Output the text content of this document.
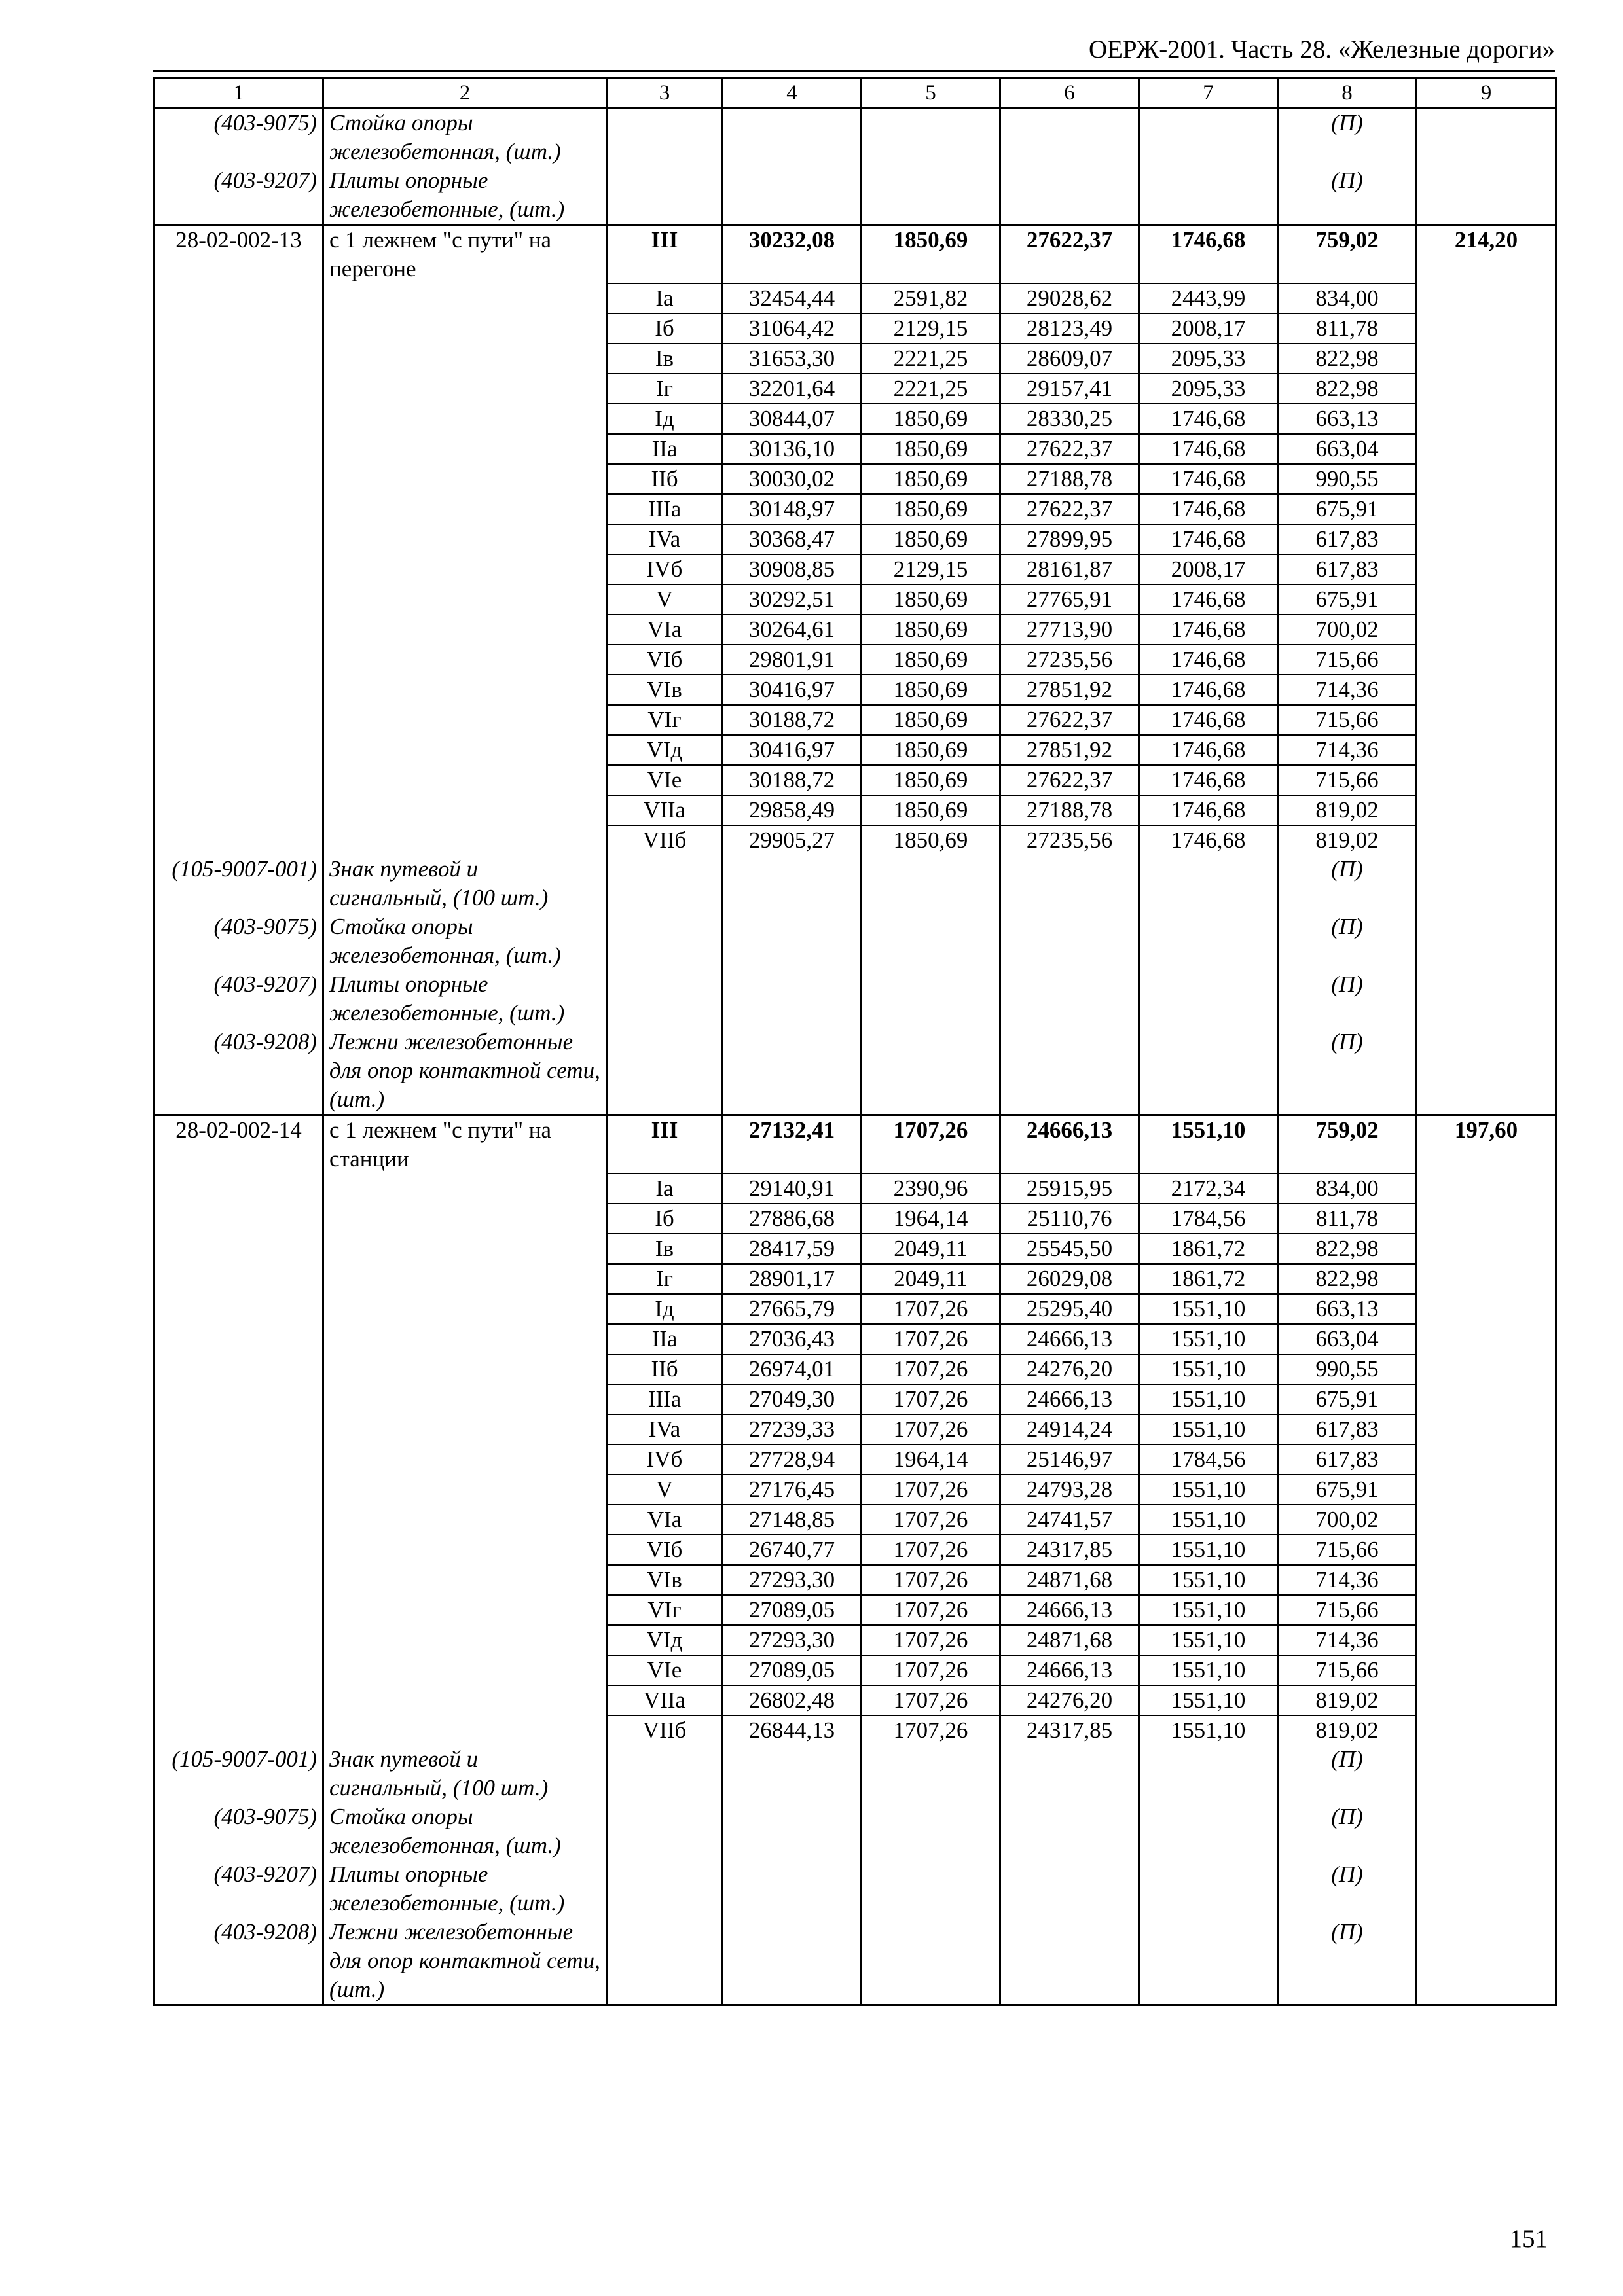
ОЕРЖ-2001. Часть 28. «Железные дороги»
1	2	3	4	5	6	7	8	9
(403-9075)	Стойка опоры железобетонная, (шт.)						(П)	
(403-9207)	Плиты опорные железобетонные, (шт.)						(П)	
28-02-002-13	с 1 лежнем "с пути" на перегоне	III	30232,08	1850,69	27622,37	1746,68	759,02	214,20
		Ia	32454,44	2591,82	29028,62	2443,99	834,00	
		Iб	31064,42	2129,15	28123,49	2008,17	811,78	
		Iв	31653,30	2221,25	28609,07	2095,33	822,98	
		Iг	32201,64	2221,25	29157,41	2095,33	822,98	
		Iд	30844,07	1850,69	28330,25	1746,68	663,13	
		IIa	30136,10	1850,69	27622,37	1746,68	663,04	
		IIб	30030,02	1850,69	27188,78	1746,68	990,55	
		IIIa	30148,97	1850,69	27622,37	1746,68	675,91	
		IVa	30368,47	1850,69	27899,95	1746,68	617,83	
		IVб	30908,85	2129,15	28161,87	2008,17	617,83	
		V	30292,51	1850,69	27765,91	1746,68	675,91	
		VIa	30264,61	1850,69	27713,90	1746,68	700,02	
		VIб	29801,91	1850,69	27235,56	1746,68	715,66	
		VIв	30416,97	1850,69	27851,92	1746,68	714,36	
		VIг	30188,72	1850,69	27622,37	1746,68	715,66	
		VIд	30416,97	1850,69	27851,92	1746,68	714,36	
		VIe	30188,72	1850,69	27622,37	1746,68	715,66	
		VIIa	29858,49	1850,69	27188,78	1746,68	819,02	
		VIIб	29905,27	1850,69	27235,56	1746,68	819,02	
(105-9007-001)	Знак путевой и сигнальный, (100 шт.)						(П)	
(403-9075)	Стойка опоры железобетонная, (шт.)						(П)	
(403-9207)	Плиты опорные железобетонные, (шт.)						(П)	
(403-9208)	Лежни железобетонные для опор контактной сети, (шт.)						(П)	
28-02-002-14	с 1 лежнем "с пути" на станции	III	27132,41	1707,26	24666,13	1551,10	759,02	197,60
		Ia	29140,91	2390,96	25915,95	2172,34	834,00	
		Iб	27886,68	1964,14	25110,76	1784,56	811,78	
		Iв	28417,59	2049,11	25545,50	1861,72	822,98	
		Iг	28901,17	2049,11	26029,08	1861,72	822,98	
		Iд	27665,79	1707,26	25295,40	1551,10	663,13	
		IIa	27036,43	1707,26	24666,13	1551,10	663,04	
		IIб	26974,01	1707,26	24276,20	1551,10	990,55	
		IIIa	27049,30	1707,26	24666,13	1551,10	675,91	
		IVa	27239,33	1707,26	24914,24	1551,10	617,83	
		IVб	27728,94	1964,14	25146,97	1784,56	617,83	
		V	27176,45	1707,26	24793,28	1551,10	675,91	
		VIa	27148,85	1707,26	24741,57	1551,10	700,02	
		VIб	26740,77	1707,26	24317,85	1551,10	715,66	
		VIв	27293,30	1707,26	24871,68	1551,10	714,36	
		VIг	27089,05	1707,26	24666,13	1551,10	715,66	
		VIд	27293,30	1707,26	24871,68	1551,10	714,36	
		VIe	27089,05	1707,26	24666,13	1551,10	715,66	
		VIIa	26802,48	1707,26	24276,20	1551,10	819,02	
		VIIб	26844,13	1707,26	24317,85	1551,10	819,02	
(105-9007-001)	Знак путевой и сигнальный, (100 шт.)						(П)	
(403-9075)	Стойка опоры железобетонная, (шт.)						(П)	
(403-9207)	Плиты опорные железобетонные, (шт.)						(П)	
(403-9208)	Лежни железобетонные для опор контактной сети, (шт.)						(П)	
151
